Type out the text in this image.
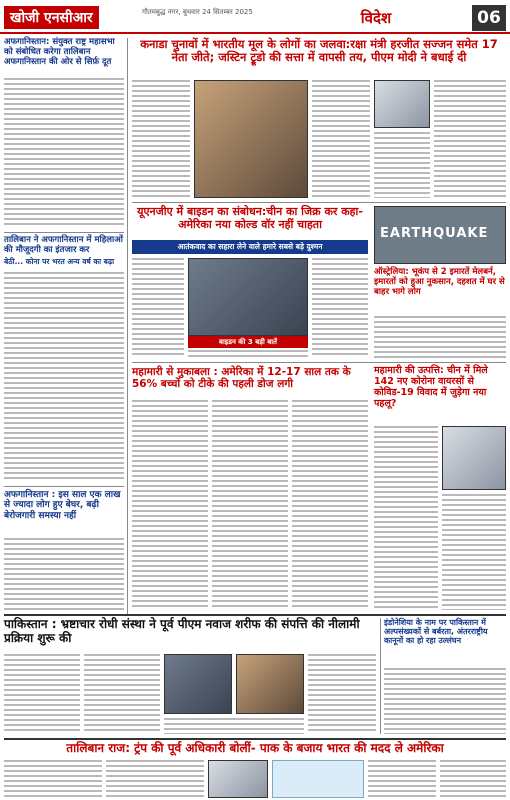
खोजी एनसीआर	गौतमबुद्ध नगर, बुधवार 24 सितम्बर 2025	विदेश	06
अफगानिस्तान: संयुक्त राष्ट्र महासभा को संबोधित करेगा तालिबान अफगानिस्तान की ओर से सिर्फ़ दूत
तालिबान ने अफगानिस्तान में महिलाओं की मौजूदगी का इंतजार कर
बेठी... कोना पर भरत अन्य वर्ष का बढ़ा
अफगानिस्तान : इस साल एक लाख से ज्यादा लोग हुए बेघर, बढ़ी बेरोजगारी समस्या नहीं
कनाडा चुनावों में भारतीय मूल के लोगों का जलवा:रक्षा मंत्री हरजीत सज्जन समेत 17 नेता जीते; जस्टिन ट्रूडो की सत्ता में वापसी तय, पीएम मोदी ने बधाई दी
यूएनजीए में बाइडन का संबोधन:चीन का जिक्र कर कहा- अमेरिका नया कोल्ड वॉर नहीं चाहता
आतंकवाद का सहारा लेने वाले हमारे सबसे बड़े दुश्मन
बाइडन की 3 बड़ी बातें
EARTHQUAKE
ऑस्ट्रेलिया: भूकंप से 2 इमारतें मेलबर्न, इमारतों को हुआ नुकसान, दहशत में घर से बाहर भागे लोग
महामारी से मुकाबला : अमेरिका में 12-17 साल तक के 56% बच्चों को टीके की पहली डोज लगी
महामारी की उत्पत्ति: चीन में मिले 142 नए कोरोना वायरसों से कोविड-19 विवाद में जुड़ेगा नया पहलू?
पाकिस्तान : भ्रष्टाचार रोधी संस्था ने पूर्व पीएम नवाज शरीफ की संपत्ति की नीलामी प्रक्रिया शुरू की
इंडोनेशिया के नाम पर पाकिस्तान में अल्पसंख्यकों से बर्बरता, अंतरराष्ट्रीय कानूनों का हो रहा उल्लंघन
तालिबान राज: ट्रंप की पूर्व अधिकारी बोलीं- पाक के बजाय भारत की मदद ले अमेरिका
